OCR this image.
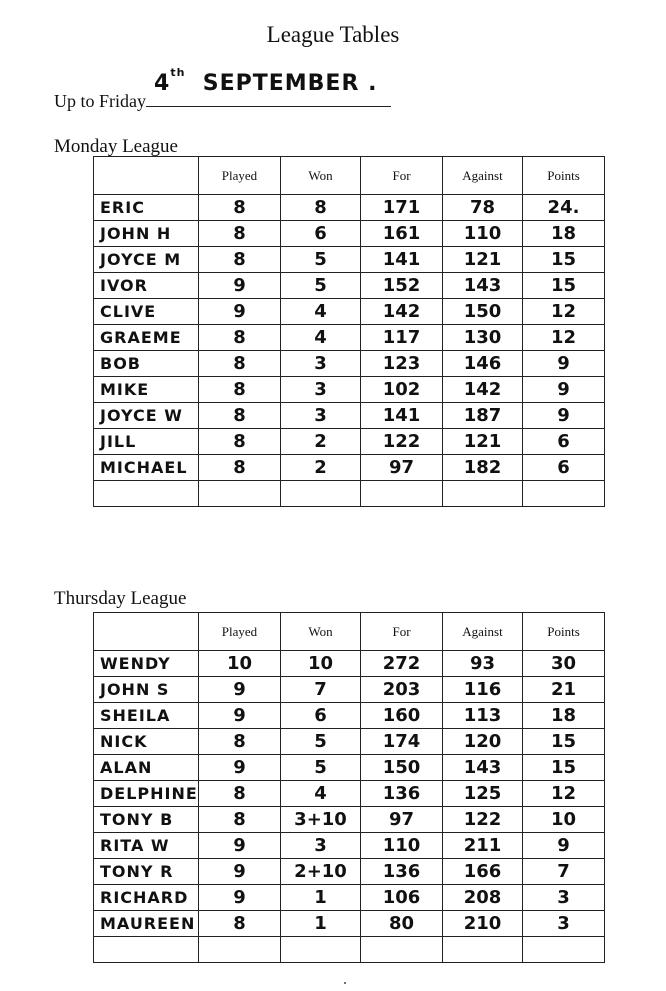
League Tables
Up to Friday
4th SEPTEMBER .
Monday League
	Played	Won	For	Against	Points
ERIC	8	8	171	78	24.
JOHN H	8	6	161	110	18
JOYCE M	8	5	141	121	15
IVOR	9	5	152	143	15
CLIVE	9	4	142	150	12
GRAEME	8	4	117	130	12
BOB	8	3	123	146	9
MIKE	8	3	102	142	9
JOYCE W	8	3	141	187	9
JILL	8	2	122	121	6
MICHAEL	8	2	97	182	6

Thursday League
	Played	Won	For	Against	Points
WENDY	10	10	272	93	30
JOHN S	9	7	203	116	21
SHEILA	9	6	160	113	18
NICK	8	5	174	120	15
ALAN	9	5	150	143	15
DELPHINE	8	4	136	125	12
TONY B	8	3+10	97	122	10
RITA W	9	3	110	211	9
TONY R	9	2+10	136	166	7
RICHARD	9	1	106	208	3
MAUREEN	8	1	80	210	3
